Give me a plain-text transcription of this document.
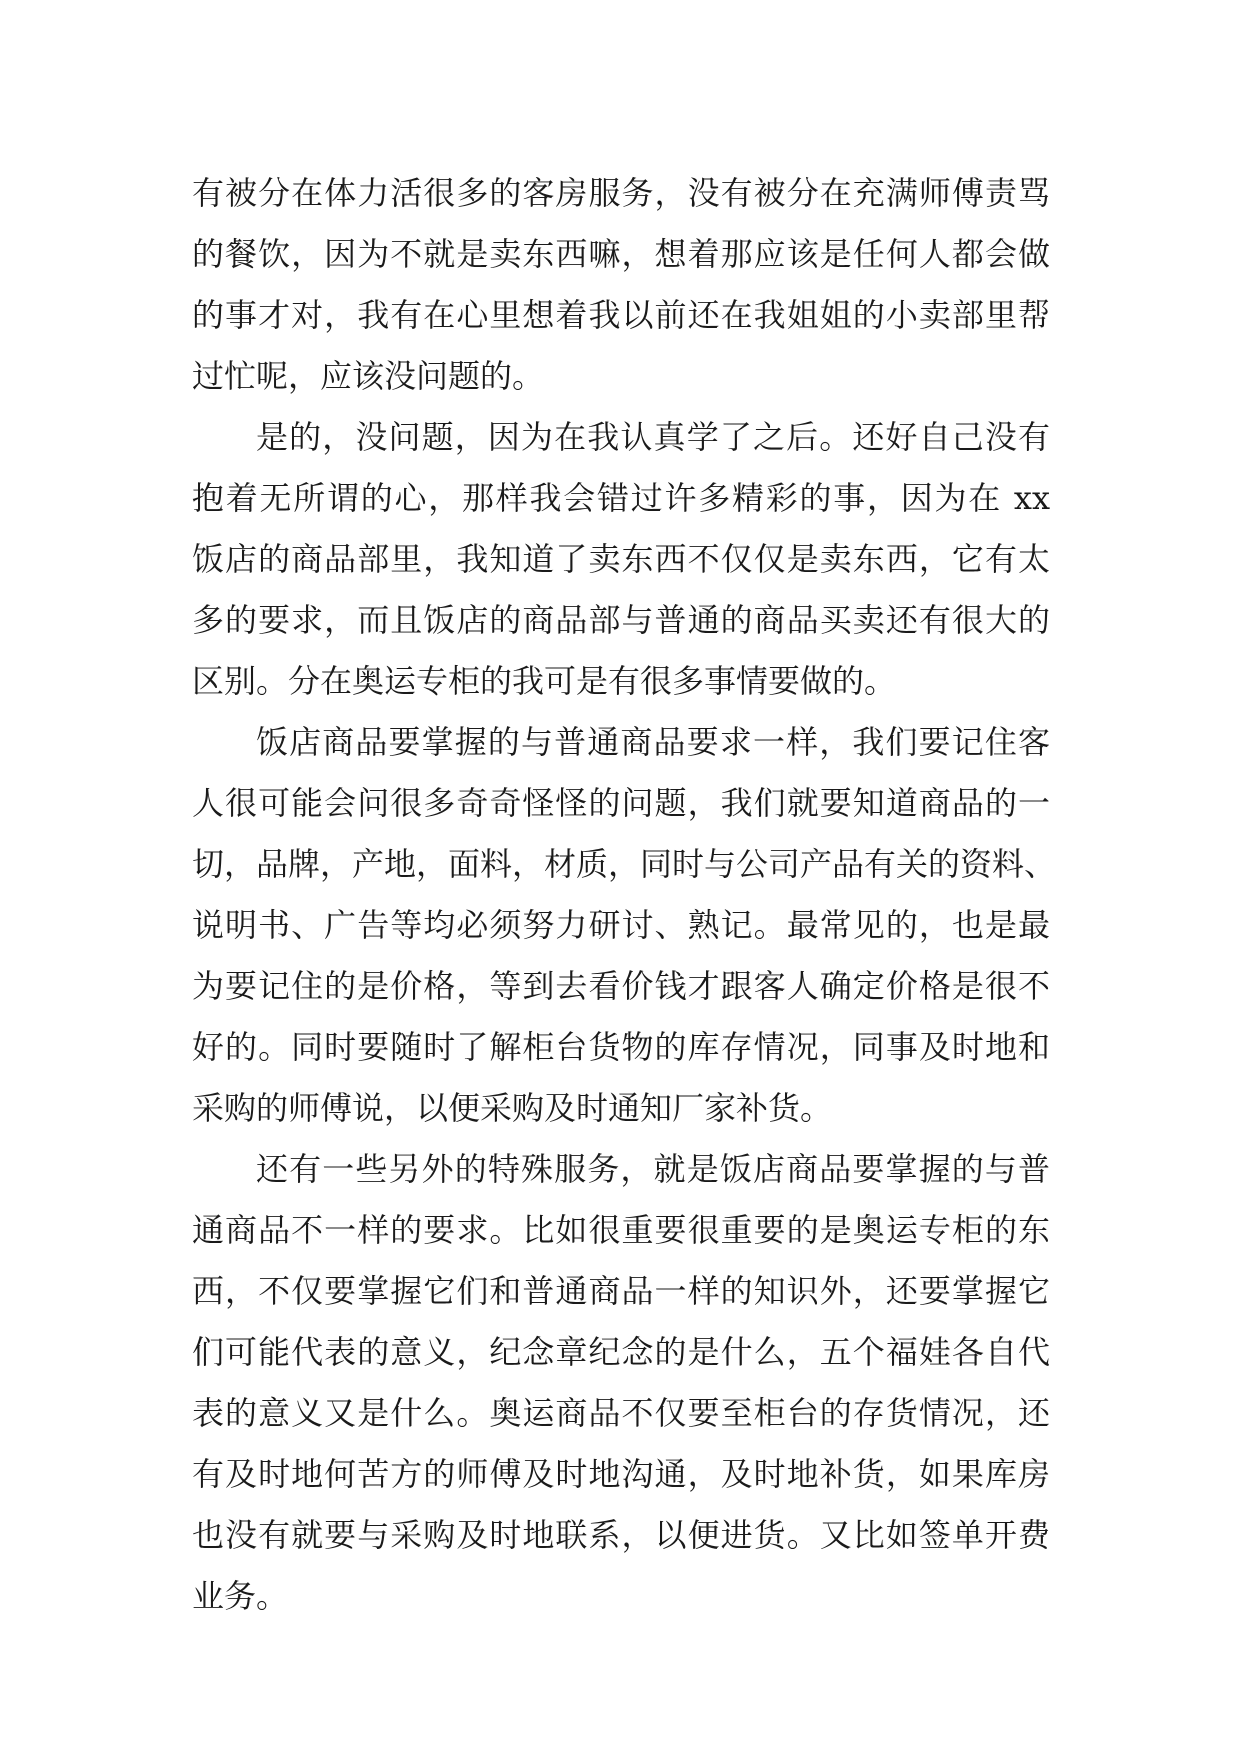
有被分在体力活很多的客房服务，没有被分在充满师傅责骂
的餐饮，因为不就是卖东西嘛，想着那应该是任何人都会做
的事才对，我有在心里想着我以前还在我姐姐的小卖部里帮
过忙呢，应该没问题的。
是的，没问题，因为在我认真学了之后。还好自己没有
抱着无所谓的心，那样我会错过许多精彩的事，因为在 xx
饭店的商品部里，我知道了卖东西不仅仅是卖东西，它有太
多的要求，而且饭店的商品部与普通的商品买卖还有很大的
区别。分在奥运专柜的我可是有很多事情要做的。
饭店商品要掌握的与普通商品要求一样，我们要记住客
人很可能会问很多奇奇怪怪的问题，我们就要知道商品的一
切，品牌，产地，面料，材质，同时与公司产品有关的资料、
说明书、广告等均必须努力研讨、熟记。最常见的，也是最
为要记住的是价格，等到去看价钱才跟客人确定价格是很不
好的。同时要随时了解柜台货物的库存情况，同事及时地和
采购的师傅说，以便采购及时通知厂家补货。
还有一些另外的特殊服务，就是饭店商品要掌握的与普
通商品不一样的要求。比如很重要很重要的是奥运专柜的东
西，不仅要掌握它们和普通商品一样的知识外，还要掌握它
们可能代表的意义，纪念章纪念的是什么，五个福娃各自代
表的意义又是什么。奥运商品不仅要至柜台的存货情况，还
有及时地何苦方的师傅及时地沟通，及时地补货，如果库房
也没有就要与采购及时地联系，以便进货。又比如签单开费
业务。
